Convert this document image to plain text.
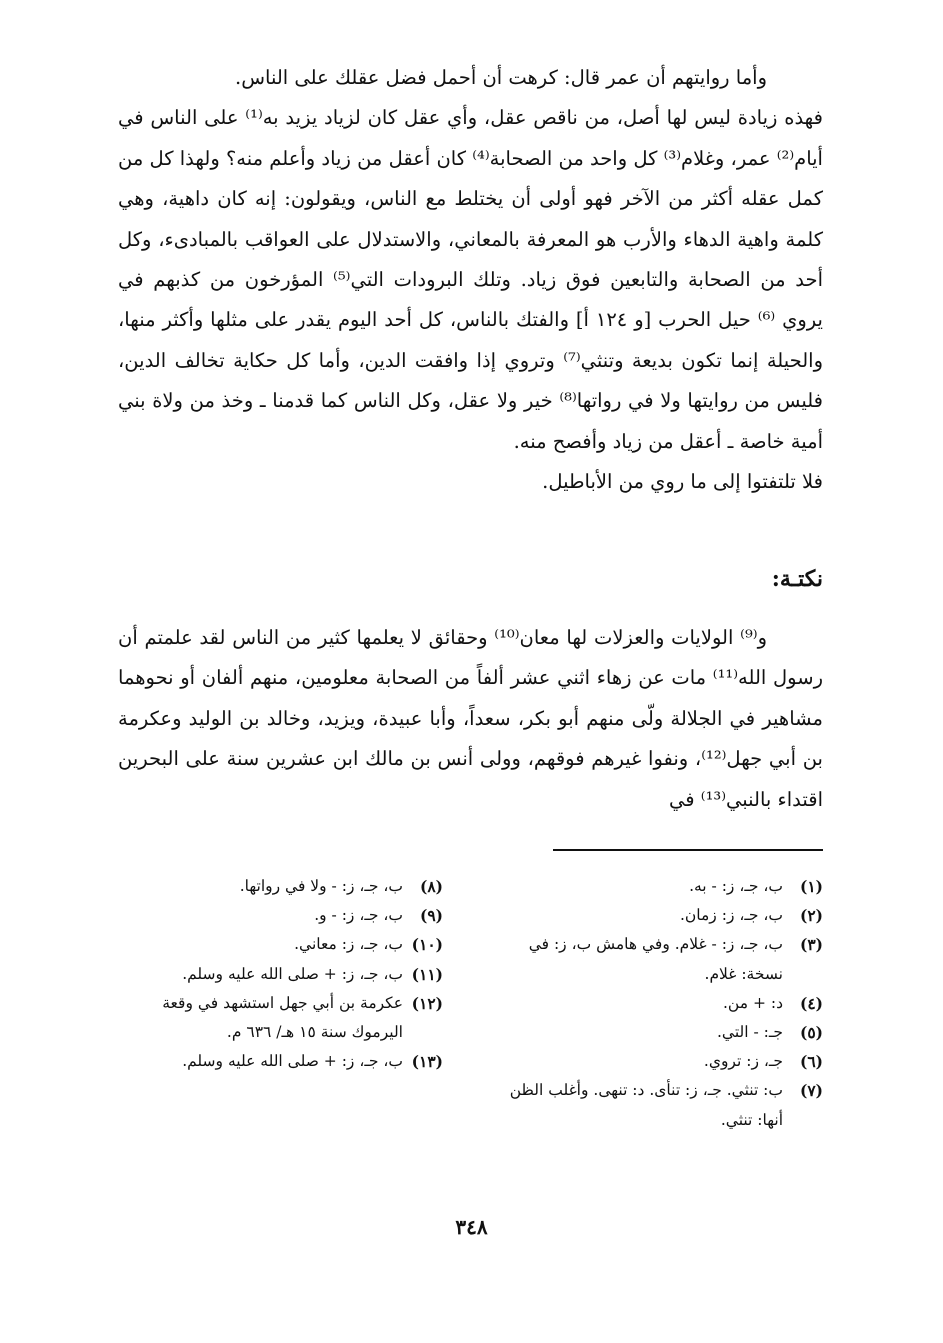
وأما روايتهم أن عمر قال: كرهت أن أحمل فضل عقلك على الناس.

فهذه زيادة ليس لها أصل، من ناقص عقل، وأي عقل كان لزياد يزيد به⁽¹⁾ على الناس في أيام⁽²⁾ عمر، وغلام⁽³⁾ كل واحد من الصحابة⁽⁴⁾ كان أعقل من زياد وأعلم منه؟ ولهذا كل من كمل عقله أكثر من الآخر فهو أولى أن يختلط مع الناس، ويقولون: إنه كان داهية، وهي كلمة واهية الدهاء والأرب هو المعرفة بالمعاني، والاستدلال على العواقب بالمبادىء، وكل أحد من الصحابة والتابعين فوق زياد. وتلك البرودات التي⁽⁵⁾ المؤرخون من كذبهم في يروي ⁽⁶⁾ حيل الحرب [و ١٢٤ أ] والفتك بالناس، كل أحد اليوم يقدر على مثلها وأكثر منها، والحيلة إنما تكون بديعة وتنثي⁽⁷⁾ وتروي إذا وافقت الدين، وأما كل حكاية تخالف الدين، فليس من روايتها ولا في رواتها⁽⁸⁾ خير ولا عقل، وكل الناس كما قدمنا ـ وخذ من ولاة بني أمية خاصة ـ أعقل من زياد وأفصح منه.

فلا تلتفتوا إلى ما روي من الأباطيل.

نكتـة:

و⁽⁹⁾ الولايات والعزلات لها معان⁽¹⁰⁾ وحقائق لا يعلمها كثير من الناس لقد علمتم أن رسول الله⁽¹¹⁾ مات عن زهاء اثني عشر ألفاً من الصحابة معلومين، منهم ألفان أو نحوهما مشاهير في الجلالة ولّى منهم أبو بكر، سعداً، وأبا عبيدة، ويزيد، وخالد بن الوليد وعكرمة بن أبي جهل⁽¹²⁾، ونفوا غيرهم فوقهم، وولى أنس بن مالك ابن عشرين سنة على البحرين اقتداء بالنبي⁽¹³⁾ في

(١)
ب، جـ، ز: - به.
(٢)
ب، جـ، ز: زمان.
(٣)
ب، جـ، ز: - غلام. وفي هامش ب، ز: في نسخة: غلام.
(٤)
د: + من.
(٥)
جـ: - التي.
(٦)
جـ، ز: تروي.
(٧)
ب: تنثي. جـ، ز: تنأى. د: تنهى. وأغلب الظن أنها: تنثي.
(٨)
ب، جـ، ز: - ولا في رواتها.
(٩)
ب، جـ، ز: - و.
(١٠)
ب، جـ، ز: معاني.
(١١)
ب، جـ، ز: + صلى الله عليه وسلم.
(١٢)
عكرمة بن أبي جهل استشهد في وقعة اليرموك سنة ١٥ هـ/ ٦٣٦ م.
(١٣)
ب، جـ، ز: + صلى الله عليه وسلم.
٣٤٨
